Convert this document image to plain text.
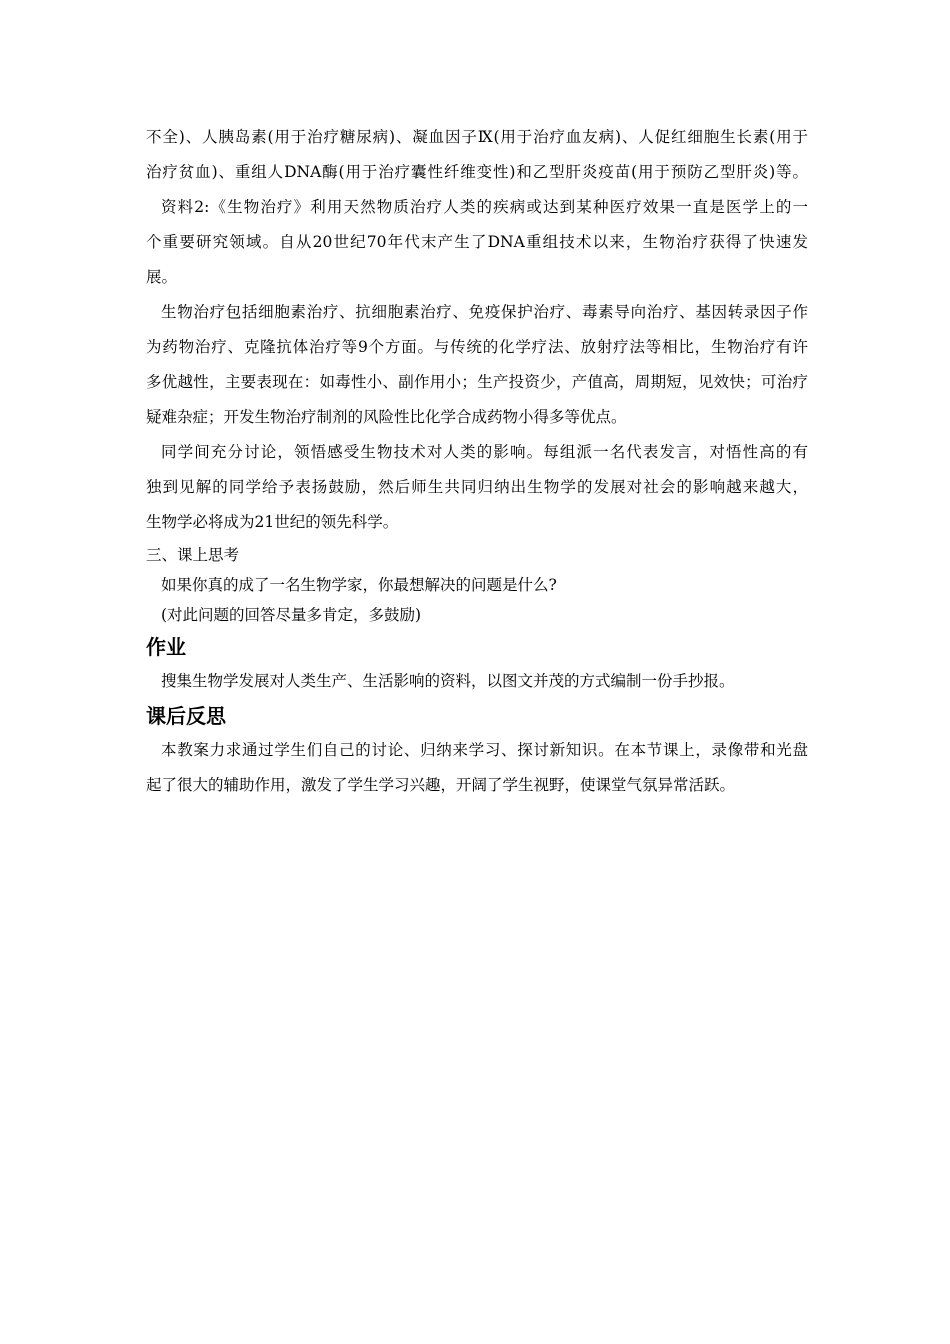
不全)、人胰岛素(用于治疗糖尿病)、凝血因子Ⅸ(用于治疗血友病)、人促红细胞生长素(用于
治疗贫血)、重组人DNA酶(用于治疗囊性纤维变性)和乙型肝炎疫苗(用于预防乙型肝炎)等。
资料2:《生物治疗》利用天然物质治疗人类的疾病或达到某种医疗效果一直是医学上的一
个重要研究领域。自从20世纪70年代末产生了DNA重组技术以来，生物治疗获得了快速发
展。
生物治疗包括细胞素治疗、抗细胞素治疗、免疫保护治疗、毒素导向治疗、基因转录因子作
为药物治疗、克隆抗体治疗等9个方面。与传统的化学疗法、放射疗法等相比，生物治疗有许
多优越性，主要表现在：如毒性小、副作用小；生产投资少，产值高，周期短，见效快；可治疗
疑难杂症；开发生物治疗制剂的风险性比化学合成药物小得多等优点。
同学间充分讨论，领悟感受生物技术对人类的影响。每组派一名代表发言，对悟性高的有
独到见解的同学给予表扬鼓励，然后师生共同归纳出生物学的发展对社会的影响越来越大，
生物学必将成为21世纪的领先科学。
三、课上思考
如果你真的成了一名生物学家，你最想解决的问题是什么?
(对此问题的回答尽量多肯定，多鼓励)
作业
搜集生物学发展对人类生产、生活影响的资料，以图文并茂的方式编制一份手抄报。
课后反思
本教案力求通过学生们自己的讨论、归纳来学习、探讨新知识。在本节课上，录像带和光盘
起了很大的辅助作用，激发了学生学习兴趣，开阔了学生视野，使课堂气氛异常活跃。
